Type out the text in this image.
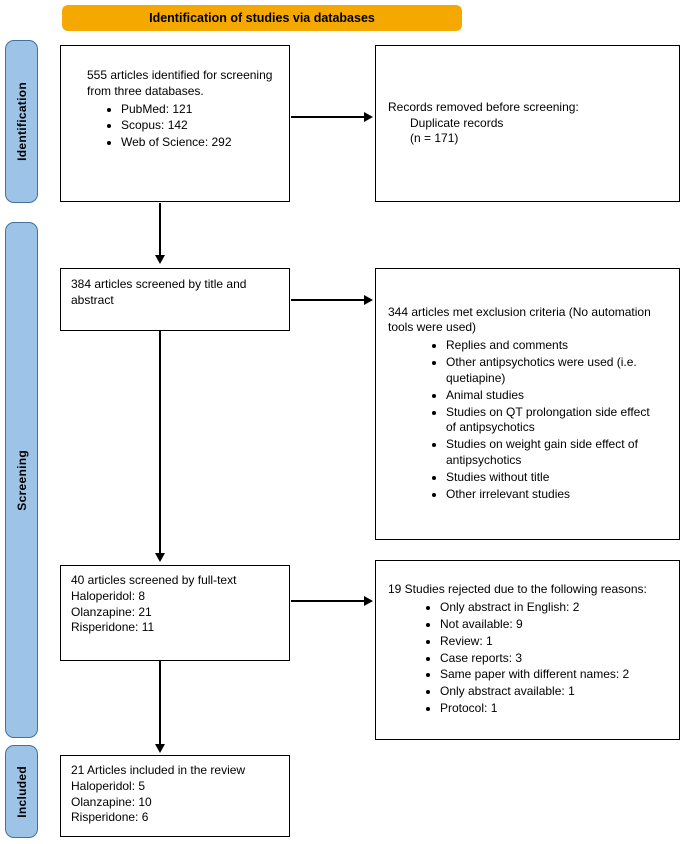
Identification of studies via databases
Identification
Screening
Included
555 articles identified for screening from three databases.
• PubMed: 121
• Scopus: 142
• Web of Science: 292
Records removed before screening:
Duplicate records
(n = 171)
384 articles screened by title and abstract
344 articles met exclusion criteria (No automation tools were used)
• Replies and comments
• Other antipsychotics were used (i.e. quetiapine)
• Animal studies
• Studies on QT prolongation side effect of antipsychotics
• Studies on weight gain side effect of antipsychotics
• Studies without title
• Other irrelevant studies
40 articles screened by full-text
Haloperidol: 8
Olanzapine: 21
Risperidone: 11
19 Studies rejected due to the following reasons:
• Only abstract in English: 2
• Not available: 9
• Review: 1
• Case reports: 3
• Same paper with different names: 2
• Only abstract available: 1
• Protocol: 1
21 Articles included in the review
Haloperidol: 5
Olanzapine: 10
Risperidone: 6
